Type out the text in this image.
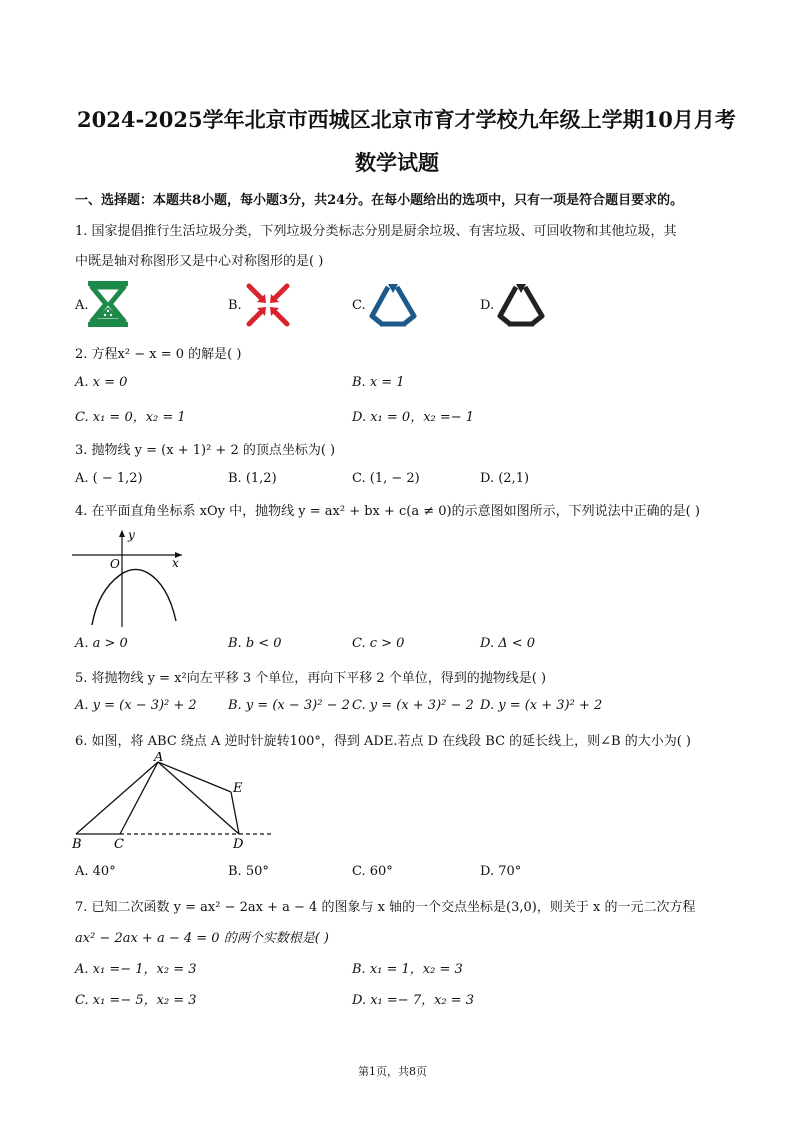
2024-2025学年北京市西城区北京市育才学校九年级上学期10月月考
数学试题
一、选择题：本题共8小题，每小题3分，共24分。在每小题给出的选项中，只有一项是符合题目要求的。
1. 国家提倡推行生活垃圾分类，下列垃圾分类标志分别是厨余垃圾、有害垃圾、可回收物和其他垃圾，其
中既是轴对称图形又是中心对称图形的是( )
A.	B.	C.	D.
2. 方程x² − x = 0 的解是( )
A. x = 0	B. x = 1
C. x₁ = 0，x₂ = 1	D. x₁ = 0，x₂ =− 1
3. 抛物线 y = (x + 1)² + 2 的顶点坐标为( )
A. ( − 1,2)	B. (1,2)	C. (1, − 2)	D. (2,1)
4. 在平面直角坐标系 xOy 中，抛物线 y = ax² + bx + c(a ≠ 0)的示意图如图所示，下列说法中正确的是( )
y
x
O
A. a > 0	B. b < 0	C. c > 0	D. Δ < 0
5. 将抛物线 y = x²向左平移 3 个单位，再向下平移 2 个单位，得到的抛物线是( )
A. y = (x − 3)² + 2 B. y = (x − 3)² − 2 C. y = (x + 3)² − 2 D. y = (x + 3)² + 2
6. 如图，将 ABC 绕点 A 逆时针旋转100°，得到 ADE.若点 D 在线段 BC 的延长线上，则∠B 的大小为( )
A
B C	D
E
A. 40°	B. 50°	C. 60°	D. 70°
7. 已知二次函数 y = ax² − 2ax + a − 4 的图象与 x 轴的一个交点坐标是(3,0)，则关于 x 的一元二次方程
ax² − 2ax + a − 4 = 0 的两个实数根是( )
A. x₁ =− 1，x₂ = 3	B. x₁ = 1，x₂ = 3
C. x₁ =− 5，x₂ = 3	D. x₁ =− 7，x₂ = 3
第1页，共8页
